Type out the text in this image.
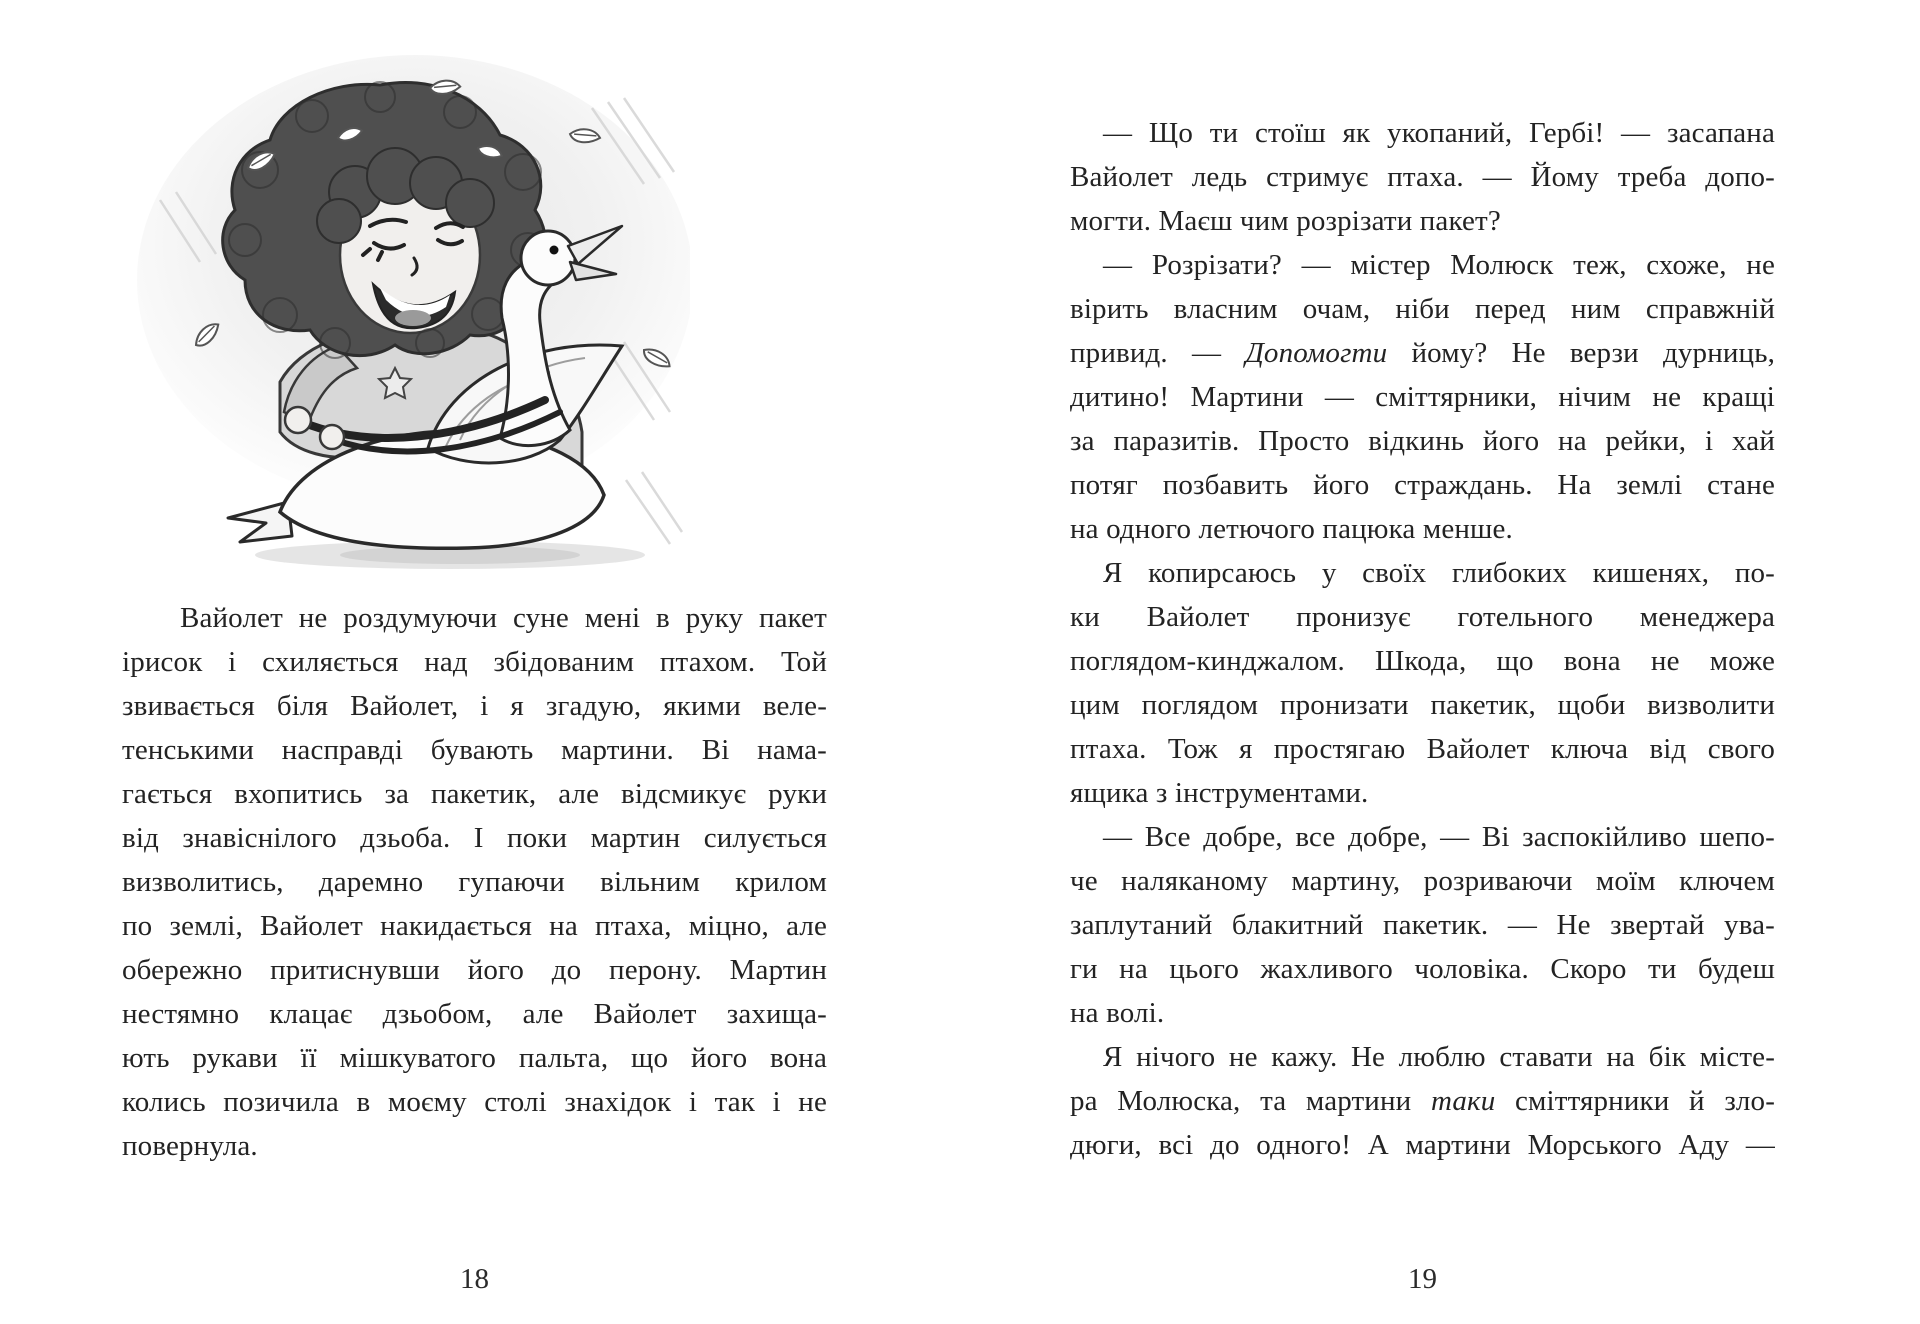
Вайолет не роздумуючи суне мені в руку пакет
ірисок і схиляється над збідованим птахом. Той
звивається біля Вайолет, і я згадую, якими веле-
тенськими насправді бувають мартини. Ві нама-
гається вхопитись за пакетик, але відсмикує руки
від знавіснілого дзьоба. І поки мартин силується
визволитись, даремно гупаючи вільним крилом
по землі, Вайолет накидається на птаха, міцно, але
обережно притиснувши його до перону. Мартин
нестямно клацає дзьобом, але Вайолет захища-
ють рукави її мішкуватого пальта, що його вона
колись позичила в моєму столі знахідок і так і не
повернула.
18
— Що ти стоїш як укопаний, Гербі! — засапана
Вайолет ледь стримує птаха. — Йому треба допо-
могти. Маєш чим розрізати пакет?
— Розрізати? — містер Молюск теж, схоже, не
вірить власним очам, ніби перед ним справжній
привид. — Допомогти йому? Не верзи дурниць,
дитино! Мартини — сміттярники, нічим не кращі
за паразитів. Просто відкинь його на рейки, і хай
потяг позбавить його страждань. На землі стане
на одного летючого пацюка менше.
Я копирсаюсь у своїх глибоких кишенях, по-
ки Вайолет пронизує готельного менеджера
поглядом-кинджалом. Шкода, що вона не може
цим поглядом пронизати пакетик, щоби визволити
птаха. Тож я простягаю Вайолет ключа від свого
ящика з інструментами.
— Все добре, все добре, — Ві заспокійливо шепо-
че наляканому мартину, розриваючи моїм ключем
заплутаний блакитний пакетик. — Не звертай ува-
ги на цього жахливого чоловіка. Скоро ти будеш
на волі.
Я нічого не кажу. Не люблю ставати на бік місте-
ра Молюска, та мартини таки сміттярники й зло-
дюги, всі до одного! А мартини Морського Аду —
19
